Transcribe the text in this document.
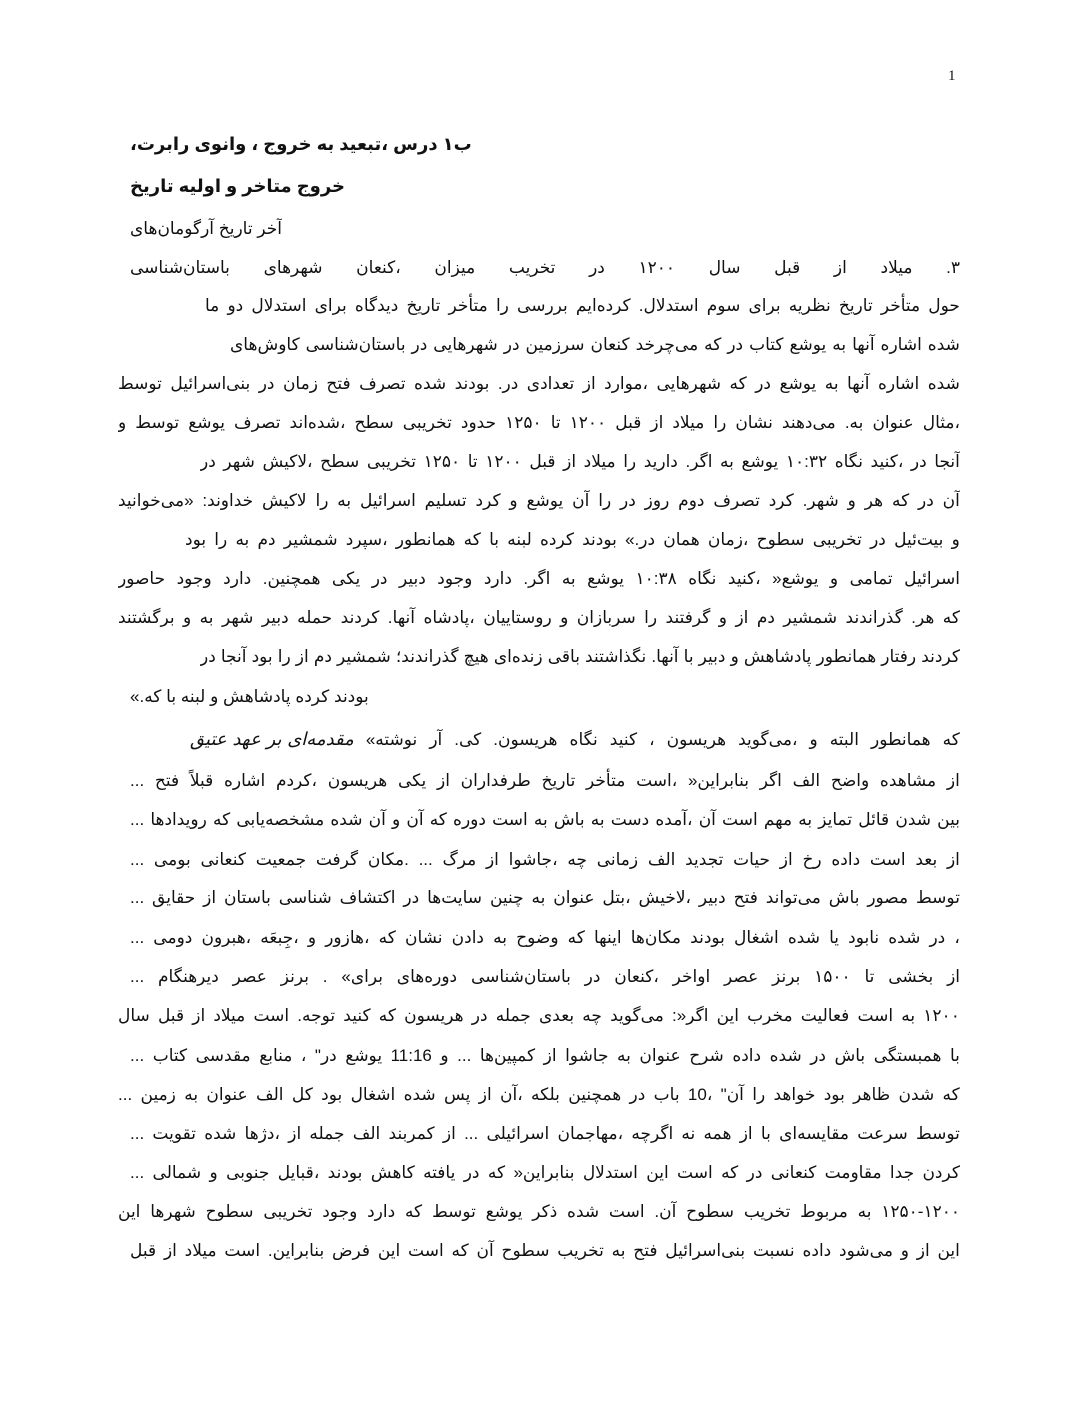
1
،رابرت وانوی ، خروج به تبعید، درس ۱ب
تاریخ اولیه و متاخر خروج
آرگومان‌های تاریخ آخر
باستان‌شناسی شهرهای کنعان، میزان تخریب در ۱۲۰۰ سال قبل از میلاد .۳
ما دو استدلال برای دیدگاه تاریخ متأخر را بررسی کرده‌ایم .استدلال سوم برای نظریه تاریخ متأخر حول
کاوش‌های باستان‌شناسی در شهرهایی در سرزمین کنعان می‌چرخد که در کتاب یوشع به آنها اشاره شده
توسط بنی‌اسرائیل در زمان فتح تصرف شده بودند .در تعدادی از موارد، شهرهایی که در یوشع به آنها اشاره شده
و توسط یوشع تصرف شده‌اند، سطح تخریبی حدود ۱۲۵۰ تا ۱۲۰۰ قبل از میلاد را نشان می‌دهند .به عنوان مثال،
در شهر لاکیش، سطح تخریبی ۱۲۵۰ تا ۱۲۰۰ قبل از میلاد را دارید .اگر به یوشع ۱۰:۳۲ نگاه کنید، در آنجا
می‌خوانید» :خداوند لاکیش را به اسرائیل تسلیم کرد و یوشع آن را در روز دوم تصرف کرد .شهر و هر که در آن
بود را به دم شمشیر سپرد، همانطور که با لبنه کرده بودند «.در همان زمان، سطوح تخریبی در بیت‌ئیل و
حاصور وجود دارد .همچنین یکی در دبیر وجود دارد .اگر به یوشع ۱۰:۳۸ نگاه کنید، »یوشع و تمامی اسرائیل
برگشتند و به شهر دبیر حمله کردند .آنها پادشاه، روستاییان و سربازان را گرفتند و از دم شمشیر گذراندند .هر که
در آنجا بود را از دم شمشیر گذراندند؛ هیچ زنده‌ای باقی نگذاشتند .آنها با دبیر و پادشاهش همانطور رفتار کردند
«.که با لبنه و پادشاهش کرده بودند
مقدمه‌ای بر عهد عتیق «نوشته آر .کی .هریسون نگاه کنید ، هریسون می‌گوید، و البته همانطور که
... فتح قبلاً اشاره کردم، هریسون یکی از طرفداران تاریخ متأخر است، »بنابراین اگر الف واضح مشاهده از
... رویدادها که مشخصه‌یابی شده آن و آن که دوره است به باش به دست آمده، آن است مهم به تمایز قائل شدن بین
... بومی کنعانی جمعیت گرفت مکان. ... مرگ از جاشوا، چه زمانی الف تجدید حیات از رخ داده است بعد از
... حقایق از باستان شناسی اکتشاف در سایت‌ها چنین به عنوان بتل، لاخیش، دبیر فتح می‌تواند باش مصور توسط
... دومی هبرون، جِبعَه، و هازور، که نشان دادن به وضوح که اینها مکان‌ها بودند اشغال شده یا نابود شده در ،
... دیرهنگام عصر برنز . «برای دوره‌های باستان‌شناسی در کنعان، اواخر عصر برنز ۱۵۰۰ تا بخشی از
سال قبل از میلاد است .توجه کنید که هریسون در جمله بعدی چه می‌گوید :»اگر این مخرب فعالیت است به ۱۲۰۰
... کتاب مقدسی منابع ، "در یوشع 11:16 و ... کمپین‌ها از جاشوا به عنوان شرح داده شده در باش همبستگی با
... زمین به عنوان الف کل بود اشغال شده پس از آن، بلکه همچنین در باب 10، "آن را خواهد بود ظاهر شدن که
... تقویت شده دژها، از جمله الف کمربند از ... اسرائیلی مهاجمان، اگرچه نه همه از با مقایسه‌ای سرعت توسط
... شمالی و جنوبی قبایل، بودند کاهش یافته در که »بنابراین استدلال این است که در کنعانی مقاومت جدا کردن
این شهرها سطوح تخریبی وجود دارد که توسط یوشع ذکر شده است .آن سطوح تخریب مربوط به ۱۲۵۰-۱۲۰۰
قبل از میلاد است .بنابراین فرض این است که آن سطوح تخریب به فتح بنی‌اسرائیل نسبت داده می‌شود و از این
